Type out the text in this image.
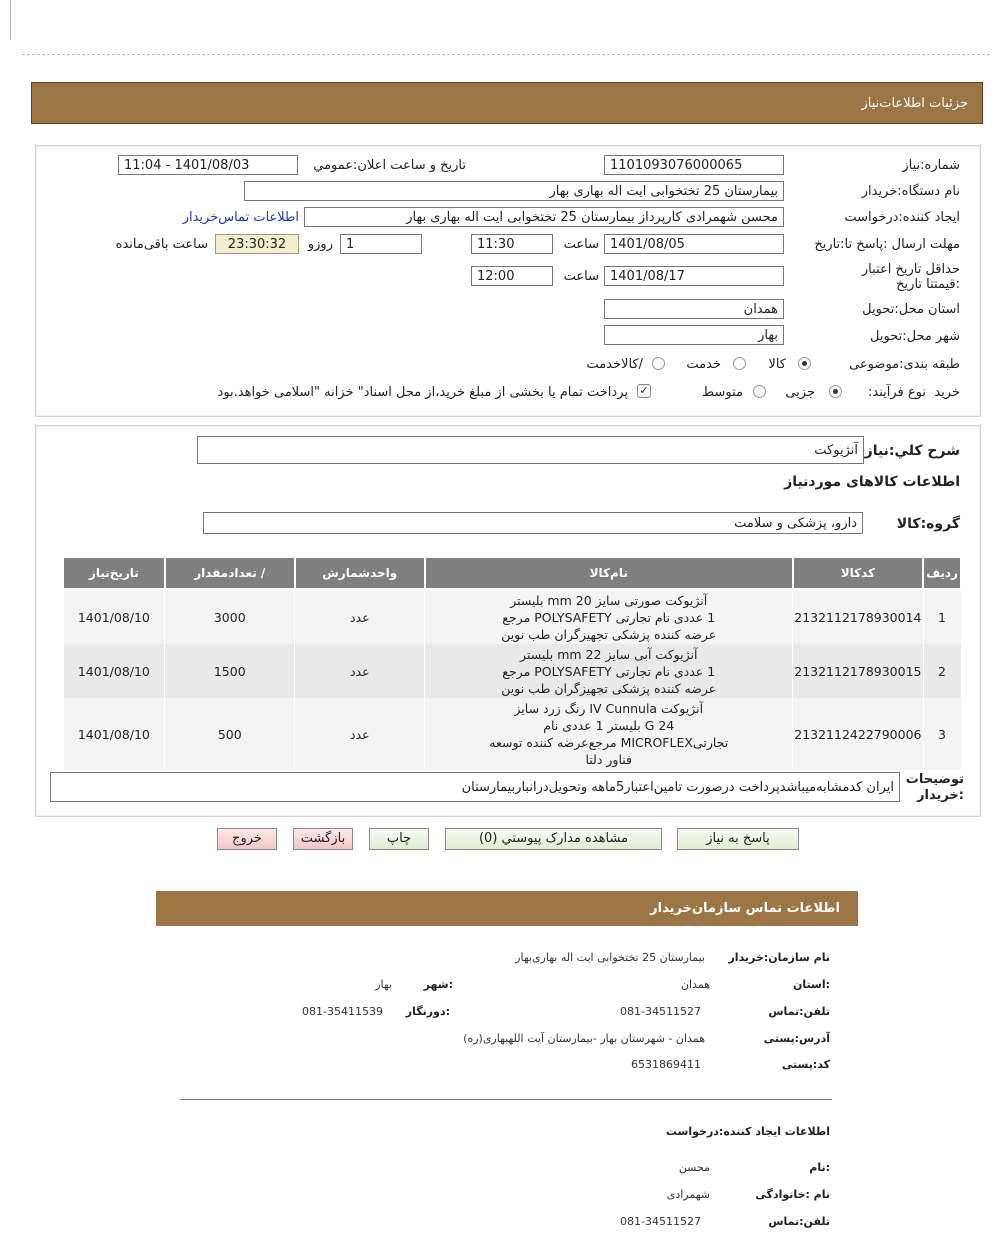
جزئیات اطلاعات‌نیاز
شماره:نیاز
1101093076000065
تاريخ و ساعت اعلان:عمومي
1401/08/03 - 11:04
نام دستگاه:خریدار
بیمارستان 25 تختخوابی ایت اله بهاری بهار
ایجاد کننده:درخواست
محسن شهمرادی کارپرداز بیمارستان 25 تختخوابی ایت اله بهاری بهار
اطلاعات تماس‌خریدار
مهلت ارسال :پاسخ تا:تاریخ
1401/08/05
ساعت
11:30
1
روزو
23:30:32
ساعت باقی‌مانده
حداقل تاریخ اعتبار :قیمتتا تاریخ
1401/08/17
ساعت
12:00
استان محل:تحویل
همدان
شهر محل:تحویل
بهار
طبقه بندی:موضوعی
کالا
خدمت
/کالاخدمت
نوع فرآیند: خرید
جزیی
متوسط
✓
پرداخت تمام یا بخشی از مبلغ خرید،از محل اسناد" خزانه "اسلامی خواهد.بود
شرح کلي:نیاز
آنژیوکت
اطلاعات کالاهای موردنیاز
گروه:کالا
دارو، پزشکی و سلامت
ردیف	کدکالا	نام‌کالا	واحدشمارش	/ تعدادمقدار	تاریخ‌نیاز
1	2132112178930014	آنژیوکت صورتی سایز 20 mm بلیستر
1 عددی نام تجارتی POLYSAFETY مرجع
عرضه کننده پزشکی تجهیزگران طب نوین	عدد	3000	1401/08/10
2	2132112178930015	آنژیوکت آبی سایز 22 mm بلیستر
1 عددی نام تجارتی POLYSAFETY مرجع
عرضه کننده پزشکی تجهیزگران طب نوین	عدد	1500	1401/08/10
3	2132112422790006	آنژیوکت IV Cunnula رنگ زرد سایز
24 G بلیستر 1 عددی نام
تجارتیMICROFLEX مرجع‌عرضه کننده توسعه
فناور دلتا	عدد	500	1401/08/10
توضیحات :خریدار
ایران کدمشابه‌میباشدپرداخت درصورت تامین‌اعتبار5ماهه وتحویل‌درانباربیمارستان
پاسخ به نیاز
مشاهده مدارک پیوستي (0)
چاپ
بازگشت
خروج
اطلاعات تماس سازمان‌خریدار
نام سازمان:خریدار
بیمارستان 25 تختخوابی ایت اله بهاری‌بهار
:استان
همدان
:شهر
بهار
تلفن:تماس
081-34511527
:دورنگار
081-35411539
آدرس:پستی
همدان - شهرستان بهار -بیمارستان آیت اللهبهاری(ره)
کد:پستی
6531869411
اطلاعات ایجاد کننده:درخواست
:نام
محسن
نام :خانوادگی
شهمرادی
تلفن:تماس
081-34511527
